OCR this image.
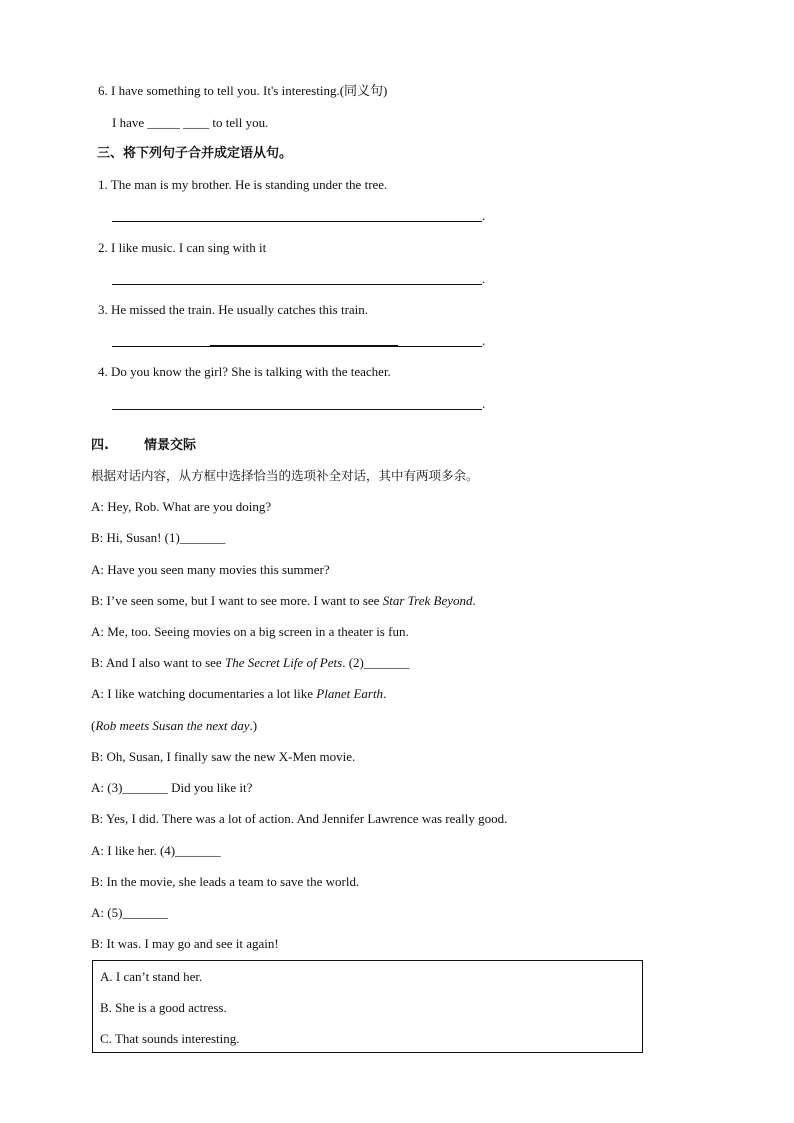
6. I have something to tell you. It's interesting.(同义句)
I have _____ ____ to tell you.
三、将下列句子合并成定语从句。
1. The man is my brother. He is standing under the tree.
.
2. I like music. I can sing with it
.
3. He missed the train. He usually catches this train.
.
4. Do you know the girl? She is talking with the teacher.
.
四.	情景交际
根据对话内容，从方框中选择恰当的选项补全对话，其中有两项多余。
A: Hey, Rob. What are you doing?
B: Hi, Susan! (1)_______
A: Have you seen many movies this summer?
B: I’ve seen some, but I want to see more. I want to see Star Trek Beyond.
A: Me, too. Seeing movies on a big screen in a theater is fun.
B: And I also want to see The Secret Life of Pets. (2)_______
A: I like watching documentaries a lot like Planet Earth.
(Rob meets Susan the next day.)
B: Oh, Susan, I finally saw the new X-Men movie.
A: (3)_______ Did you like it?
B: Yes, I did. There was a lot of action. And Jennifer Lawrence was really good.
A: I like her. (4)_______
B: In the movie, she leads a team to save the world.
A: (5)_______
B: It was. I may go and see it again!
A. I can’t stand her.
B. She is a good actress.
C. That sounds interesting.
